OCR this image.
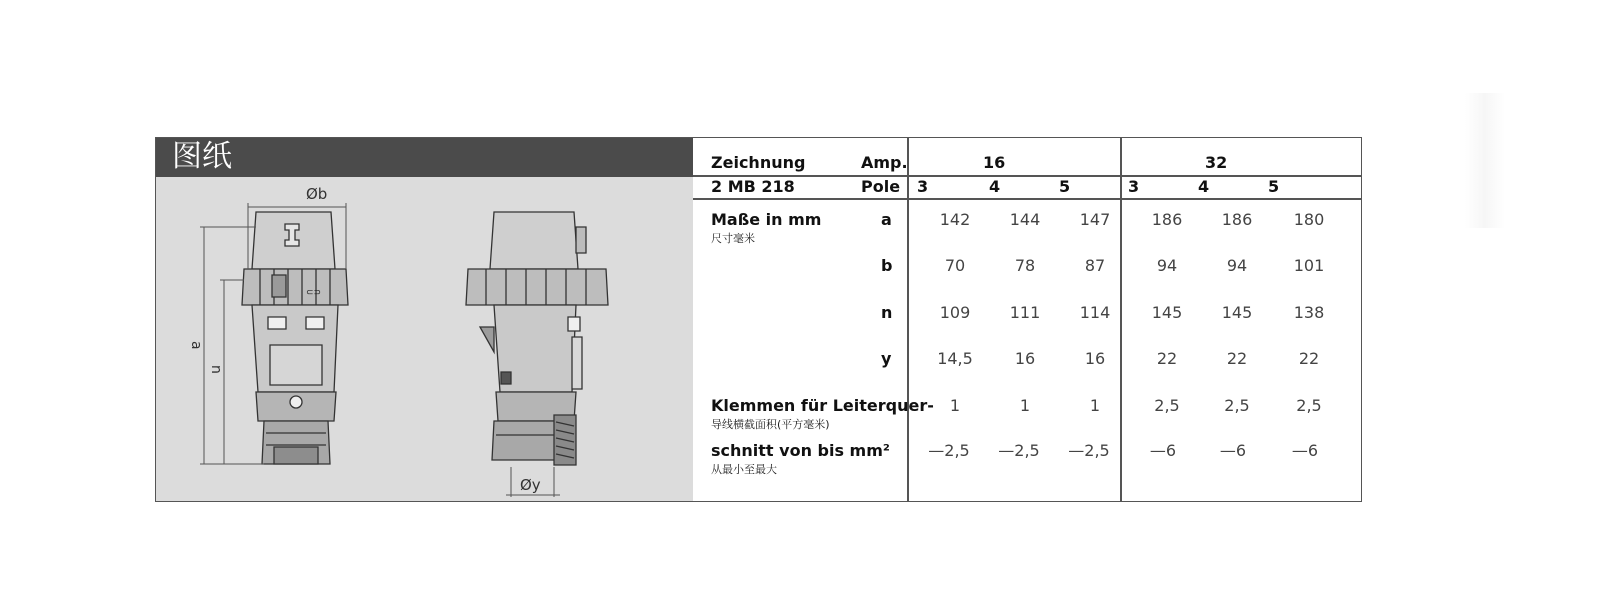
图纸
⊂⊃
Øb
a
n
Øy
Zeichnung	Amp.	16	32
2 MB 218	Pole 3	4	5	3	4	5
Maße in mm
尺寸毫米
a	142	144	147	186	186	180
b	70	78	87	94	94	101
n	109	111	114	145	145	138
y	14,5	16	16	22	22	22
Klemmen für Leiterquer-
导线横截面积(平方毫米)
1	1	1	2,5	2,5	2,5
schnitt von bis mm²
从最小至最大
—2,5	—2,5	—2,5	—6	—6	—6
